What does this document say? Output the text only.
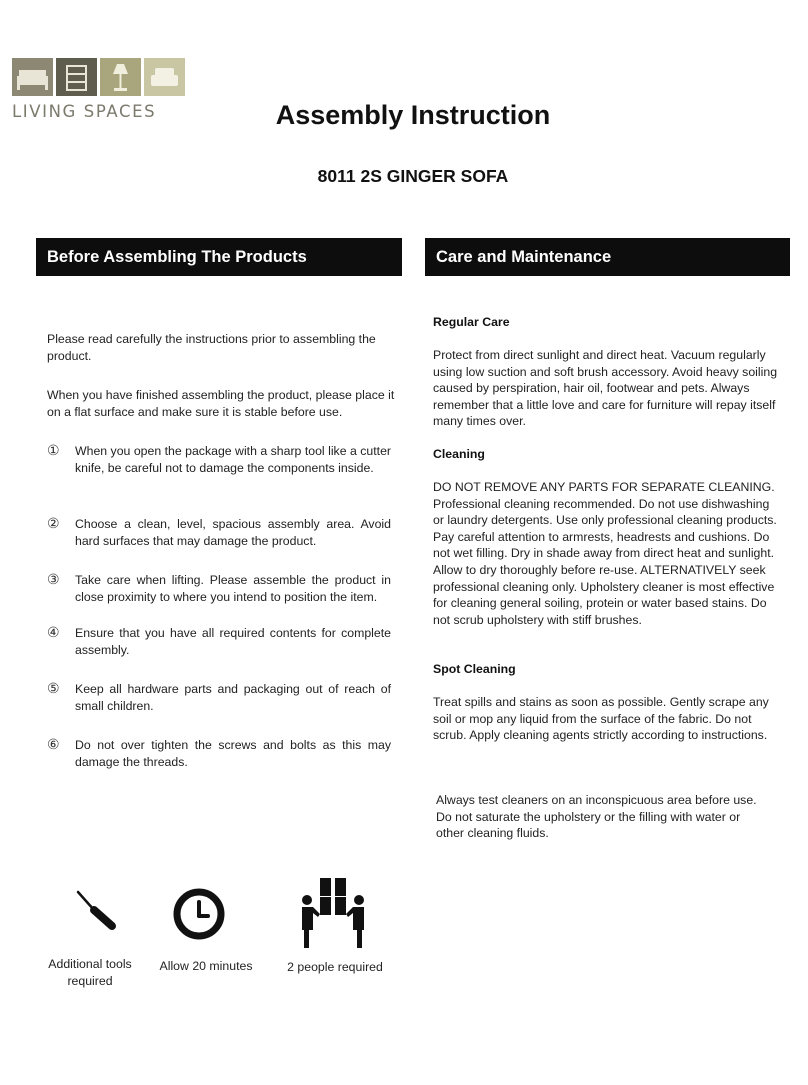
LIVING SPACES	Assembly Instruction
8011 2S GINGER SOFA
Before Assembling The Products	Care and Maintenance
Please read carefully the instructions prior to assembling the product.
When you have finished assembling the product, please place it on a flat surface and make sure it is stable before use.
①	When you open the package with a sharp tool like a cutter knife, be careful not to damage the components inside.
②	Choose a clean, level, spacious assembly area. Avoid hard surfaces that may damage the product.
③	Take care when lifting. Please assemble the product in close proximity to where you intend to position the item.
④	Ensure that you have all required contents for complete assembly.
⑤	Keep all hardware parts and packaging out of reach of small children.
⑥	Do not over tighten the screws and bolts as this may damage the threads.
Regular Care
Protect from direct sunlight and direct heat. Vacuum regularly using low suction and soft brush accessory. Avoid heavy soiling caused by perspiration, hair oil, footwear and pets. Always remember that a little love and care for furniture will repay itself many times over.
Cleaning
DO NOT REMOVE ANY PARTS FOR SEPARATE CLEANING. Professional cleaning recommended. Do not use dishwashing or laundry detergents. Use only professional cleaning products. Pay careful attention to armrests, headrests and cushions. Do not wet filling. Dry in shade away from direct heat and sunlight. Allow to dry thoroughly before re-use. ALTERNATIVELY seek professional cleaning only. Upholstery cleaner is most effective for cleaning general soiling, protein or water based stains. Do not scrub upholstery with stiff brushes.
Spot Cleaning
Treat spills and stains as soon as possible. Gently scrape any soil or mop any liquid from the surface of the fabric. Do not scrub. Apply cleaning agents strictly according to instructions.
Always test cleaners on an inconspicuous area before use. Do not saturate the upholstery or the filling with water or other cleaning fluids.
Additional tools required
Allow 20 minutes	2 people required
